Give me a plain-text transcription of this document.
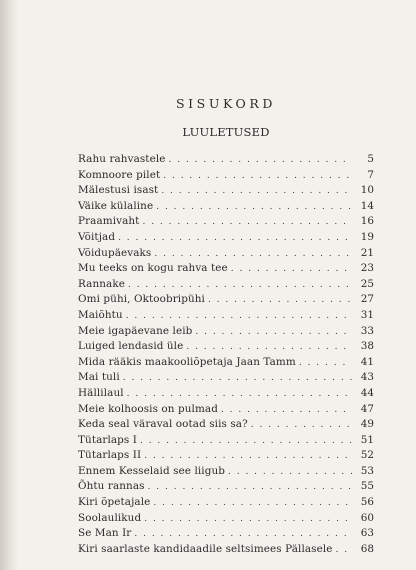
SISUKORD
LUULETUSED
Rahu rahvastele . . .	5
Komnoore pilet . . .	7
Mälestusi isast . . .	10
Väike külaline . . .	14
Praamivaht . . .	16
Võitjad . . .	19
Võidupäevaks . . .	21
Mu teeks on kogu rahva tee . . .	23
Rannake . . .	25
Omi pühi, Oktoobripühi . . .	27
Maiõhtu . . .	31
Meie igapäevane leib . . .	33
Luiged lendasid üle . . .	38
Mida rääkis maakooliõpetaja Jaan Tamm . . .	41
Mai tuli . . .	43
Hällilaul . . .	44
Meie kolhoosis on pulmad . . .	47
Keda seal väraval ootad siis sa? . . .	49
Tütarlaps I . . .	51
Tütarlaps II . . .	52
Ennem Kesselaid see liigub . . .	53
Õhtu rannas . . .	55
Kiri õpetajale . . .	56
Soolaulikud . . .	60
Se Man Ir . . .	63
Kiri saarlaste kandidaadile seltsimees Pällasele . . .	68
